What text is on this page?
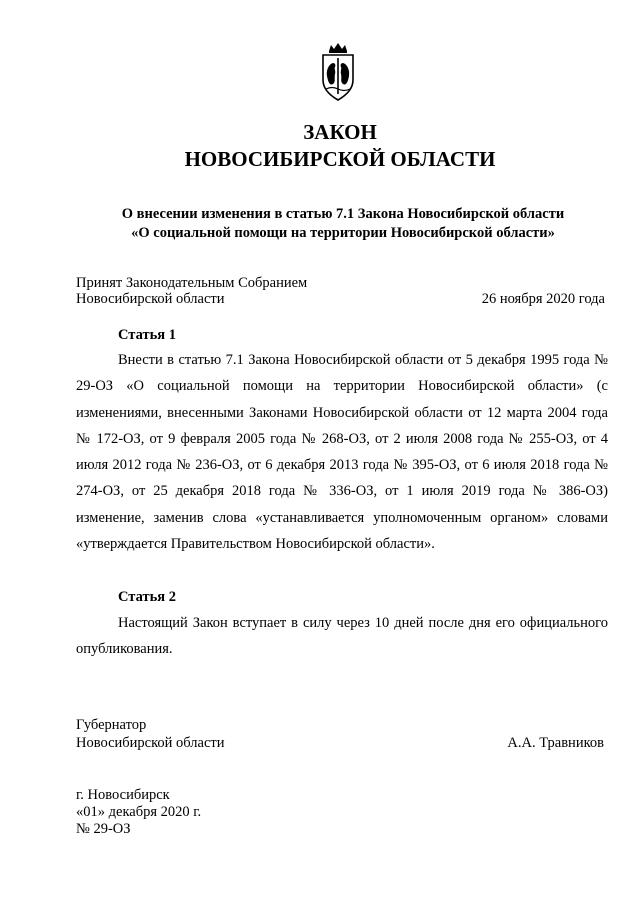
ЗАКОН
НОВОСИБИРСКОЙ ОБЛАСТИ
О внесении изменения в статью 7.1 Закона Новосибирской области
«О социальной помощи на территории Новосибирской области»
Принят Законодательным Собранием
Новосибирской области	26 ноября 2020 года
Статья 1

Внести в статью 7.1 Закона Новосибирской области от 5 декабря 1995 года № 29-ОЗ «О социальной помощи на территории Новосибирской области» (с изменениями, внесенными Законами Новосибирской области от 12 марта 2004 года № 172-ОЗ, от 9 февраля 2005 года № 268-ОЗ, от 2 июля 2008 года № 255-ОЗ, от 4 июля 2012 года № 236-ОЗ, от 6 декабря 2013 года № 395-ОЗ, от 6 июля 2018 года № 274-ОЗ, от 25 декабря 2018 года № 336-ОЗ, от 1 июля 2019 года № 386-ОЗ) изменение, заменив слова «устанавливается уполномоченным органом» словами «утверждается Правительством Новосибирской области».

Статья 2

Настоящий Закон вступает в силу через 10 дней после дня его официального опубликования.

Губернатор
Новосибирской области	А.А. Травников
г. Новосибирск
«01» декабря 2020 г.
№ 29-ОЗ
